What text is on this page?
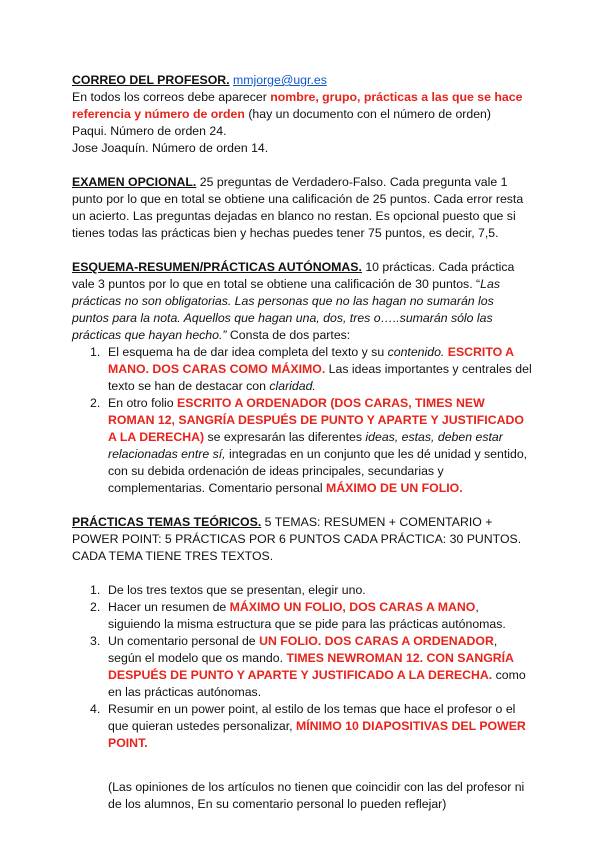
CORREO DEL PROFESOR. mmjorge@ugr.es

En todos los correos debe aparecer nombre, grupo, prácticas a las que se hace referencia y número de orden (hay un documento con el número de orden)

Paqui. Número de orden 24.

Jose Joaquín. Número de orden 14.

EXAMEN OPCIONAL. 25 preguntas de Verdadero-Falso. Cada pregunta vale 1 punto por lo que en total se obtiene una calificación de 25 puntos. Cada error resta un acierto. Las preguntas dejadas en blanco no restan. Es opcional puesto que si tienes todas las prácticas bien y hechas puedes tener 75 puntos, es decir, 7,5.

ESQUEMA-RESUMEN/PRÁCTICAS AUTÓNOMAS. 10 prácticas. Cada práctica vale 3 puntos por lo que en total se obtiene una calificación de 30 puntos. “Las prácticas no son obligatorias. Las personas que no las hagan no sumarán los puntos para la nota. Aquellos que hagan una, dos, tres o…..sumarán sólo las prácticas que hayan hecho.” Consta de dos partes:

1. El esquema ha de dar idea completa del texto y su contenido. ESCRITO A MANO. DOS CARAS COMO MÁXIMO. Las ideas importantes y centrales del texto se han de destacar con claridad.
2. En otro folio ESCRITO A ORDENADOR (DOS CARAS, TIMES NEW ROMAN 12, SANGRÍA DESPUÉS DE PUNTO Y APARTE Y JUSTIFICADO A LA DERECHA) se expresarán las diferentes ideas, estas, deben estar relacionadas entre sí, integradas en un conjunto que les dé unidad y sentido, con su debida ordenación de ideas principales, secundarias y complementarias. Comentario personal MÁXIMO DE UN FOLIO.

PRÁCTICAS TEMAS TEÓRICOS. 5 TEMAS: RESUMEN + COMENTARIO + POWER POINT: 5 PRÁCTICAS POR 6 PUNTOS CADA PRÁCTICA: 30 PUNTOS. CADA TEMA TIENE TRES TEXTOS.

1. De los tres textos que se presentan, elegir uno.
2. Hacer un resumen de MÁXIMO UN FOLIO, DOS CARAS A MANO, siguiendo la misma estructura que se pide para las prácticas autónomas.
3. Un comentario personal de UN FOLIO. DOS CARAS A ORDENADOR, según el modelo que os mando. TIMES NEWROMAN 12. CON SANGRÍA DESPUÉS DE PUNTO Y APARTE Y JUSTIFICADO A LA DERECHA. como en las prácticas autónomas.
4. Resumir en un power point, al estilo de los temas que hace el profesor o el que quieran ustedes personalizar, MÍNIMO 10 DIAPOSITIVAS DEL POWER POINT.

(Las opiniones de los artículos no tienen que coincidir con las del profesor ni de los alumnos, En su comentario personal lo pueden reflejar)
